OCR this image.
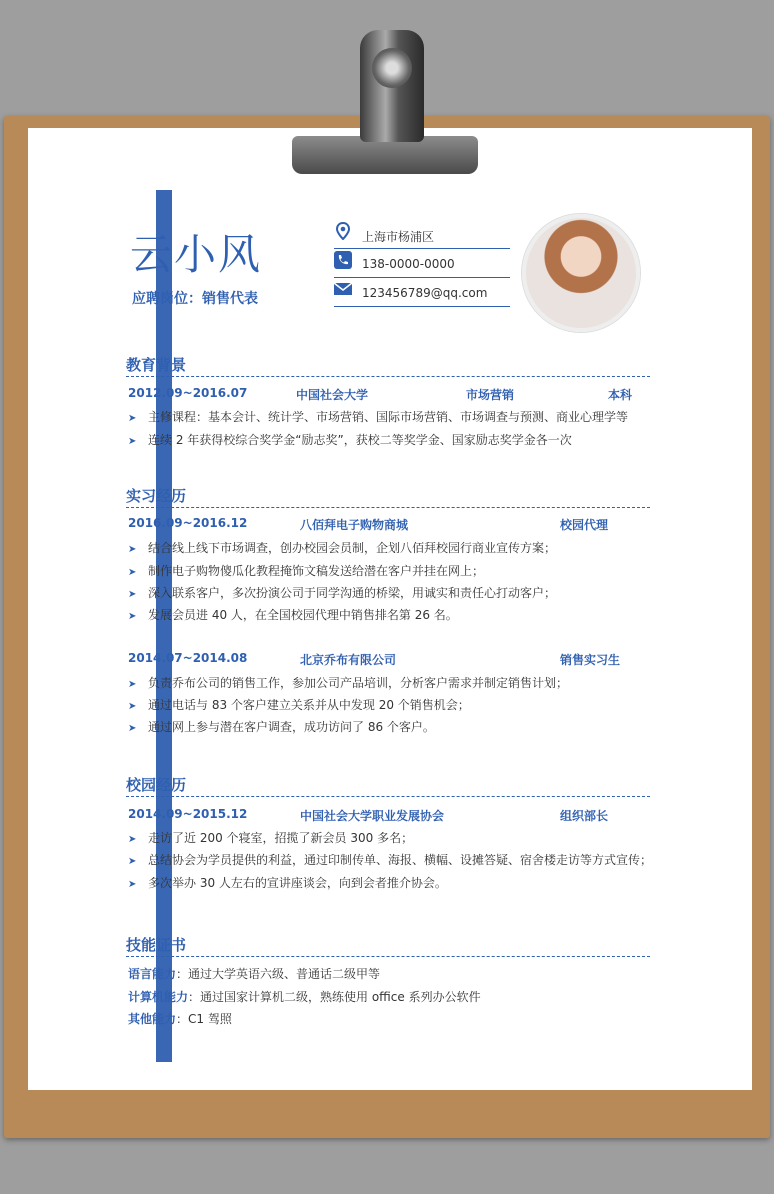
云小风
应聘岗位：销售代表
上海市杨浦区
138-0000-0000
123456789@qq.com
教育背景
2012.09~2016.07	中国社会大学	市场营销	本科
➤ 主修课程：基本会计、统计学、市场营销、国际市场营销、市场调查与预测、商业心理学等
➤ 连续 2 年获得校综合奖学金“励志奖”，获校二等奖学金、国家励志奖学金各一次
实习经历
2016.09~2016.12	八佰拜电子购物商城	校园代理
➤ 结合线上线下市场调查，创办校园会员制，企划八佰拜校园行商业宣传方案；
➤ 制作电子购物傻瓜化教程掩饰文稿发送给潜在客户并挂在网上；
➤ 深入联系客户，多次扮演公司于同学沟通的桥梁，用诚实和责任心打动客户；
➤ 发展会员进 40 人，在全国校园代理中销售排名第 26 名。
2014.07~2014.08	北京乔布有限公司	销售实习生
➤ 负责乔布公司的销售工作，参加公司产品培训，分析客户需求并制定销售计划；
➤ 通过电话与 83 个客户建立关系并从中发现 20 个销售机会；
➤ 通过网上参与潜在客户调查，成功访问了 86 个客户。
校园经历
2014.09~2015.12	中国社会大学职业发展协会	组织部长
➤ 走访了近 200 个寝室，招揽了新会员 300 多名；
➤ 总结协会为学员提供的利益，通过印制传单、海报、横幅、设摊答疑、宿舍楼走访等方式宣传；
➤ 多次举办 30 人左右的宣讲座谈会，向到会者推介协会。
技能证书
语言能力：通过大学英语六级、普通话二级甲等
计算机能力：通过国家计算机二级，熟练使用 office 系列办公软件
其他能力：C1 驾照
